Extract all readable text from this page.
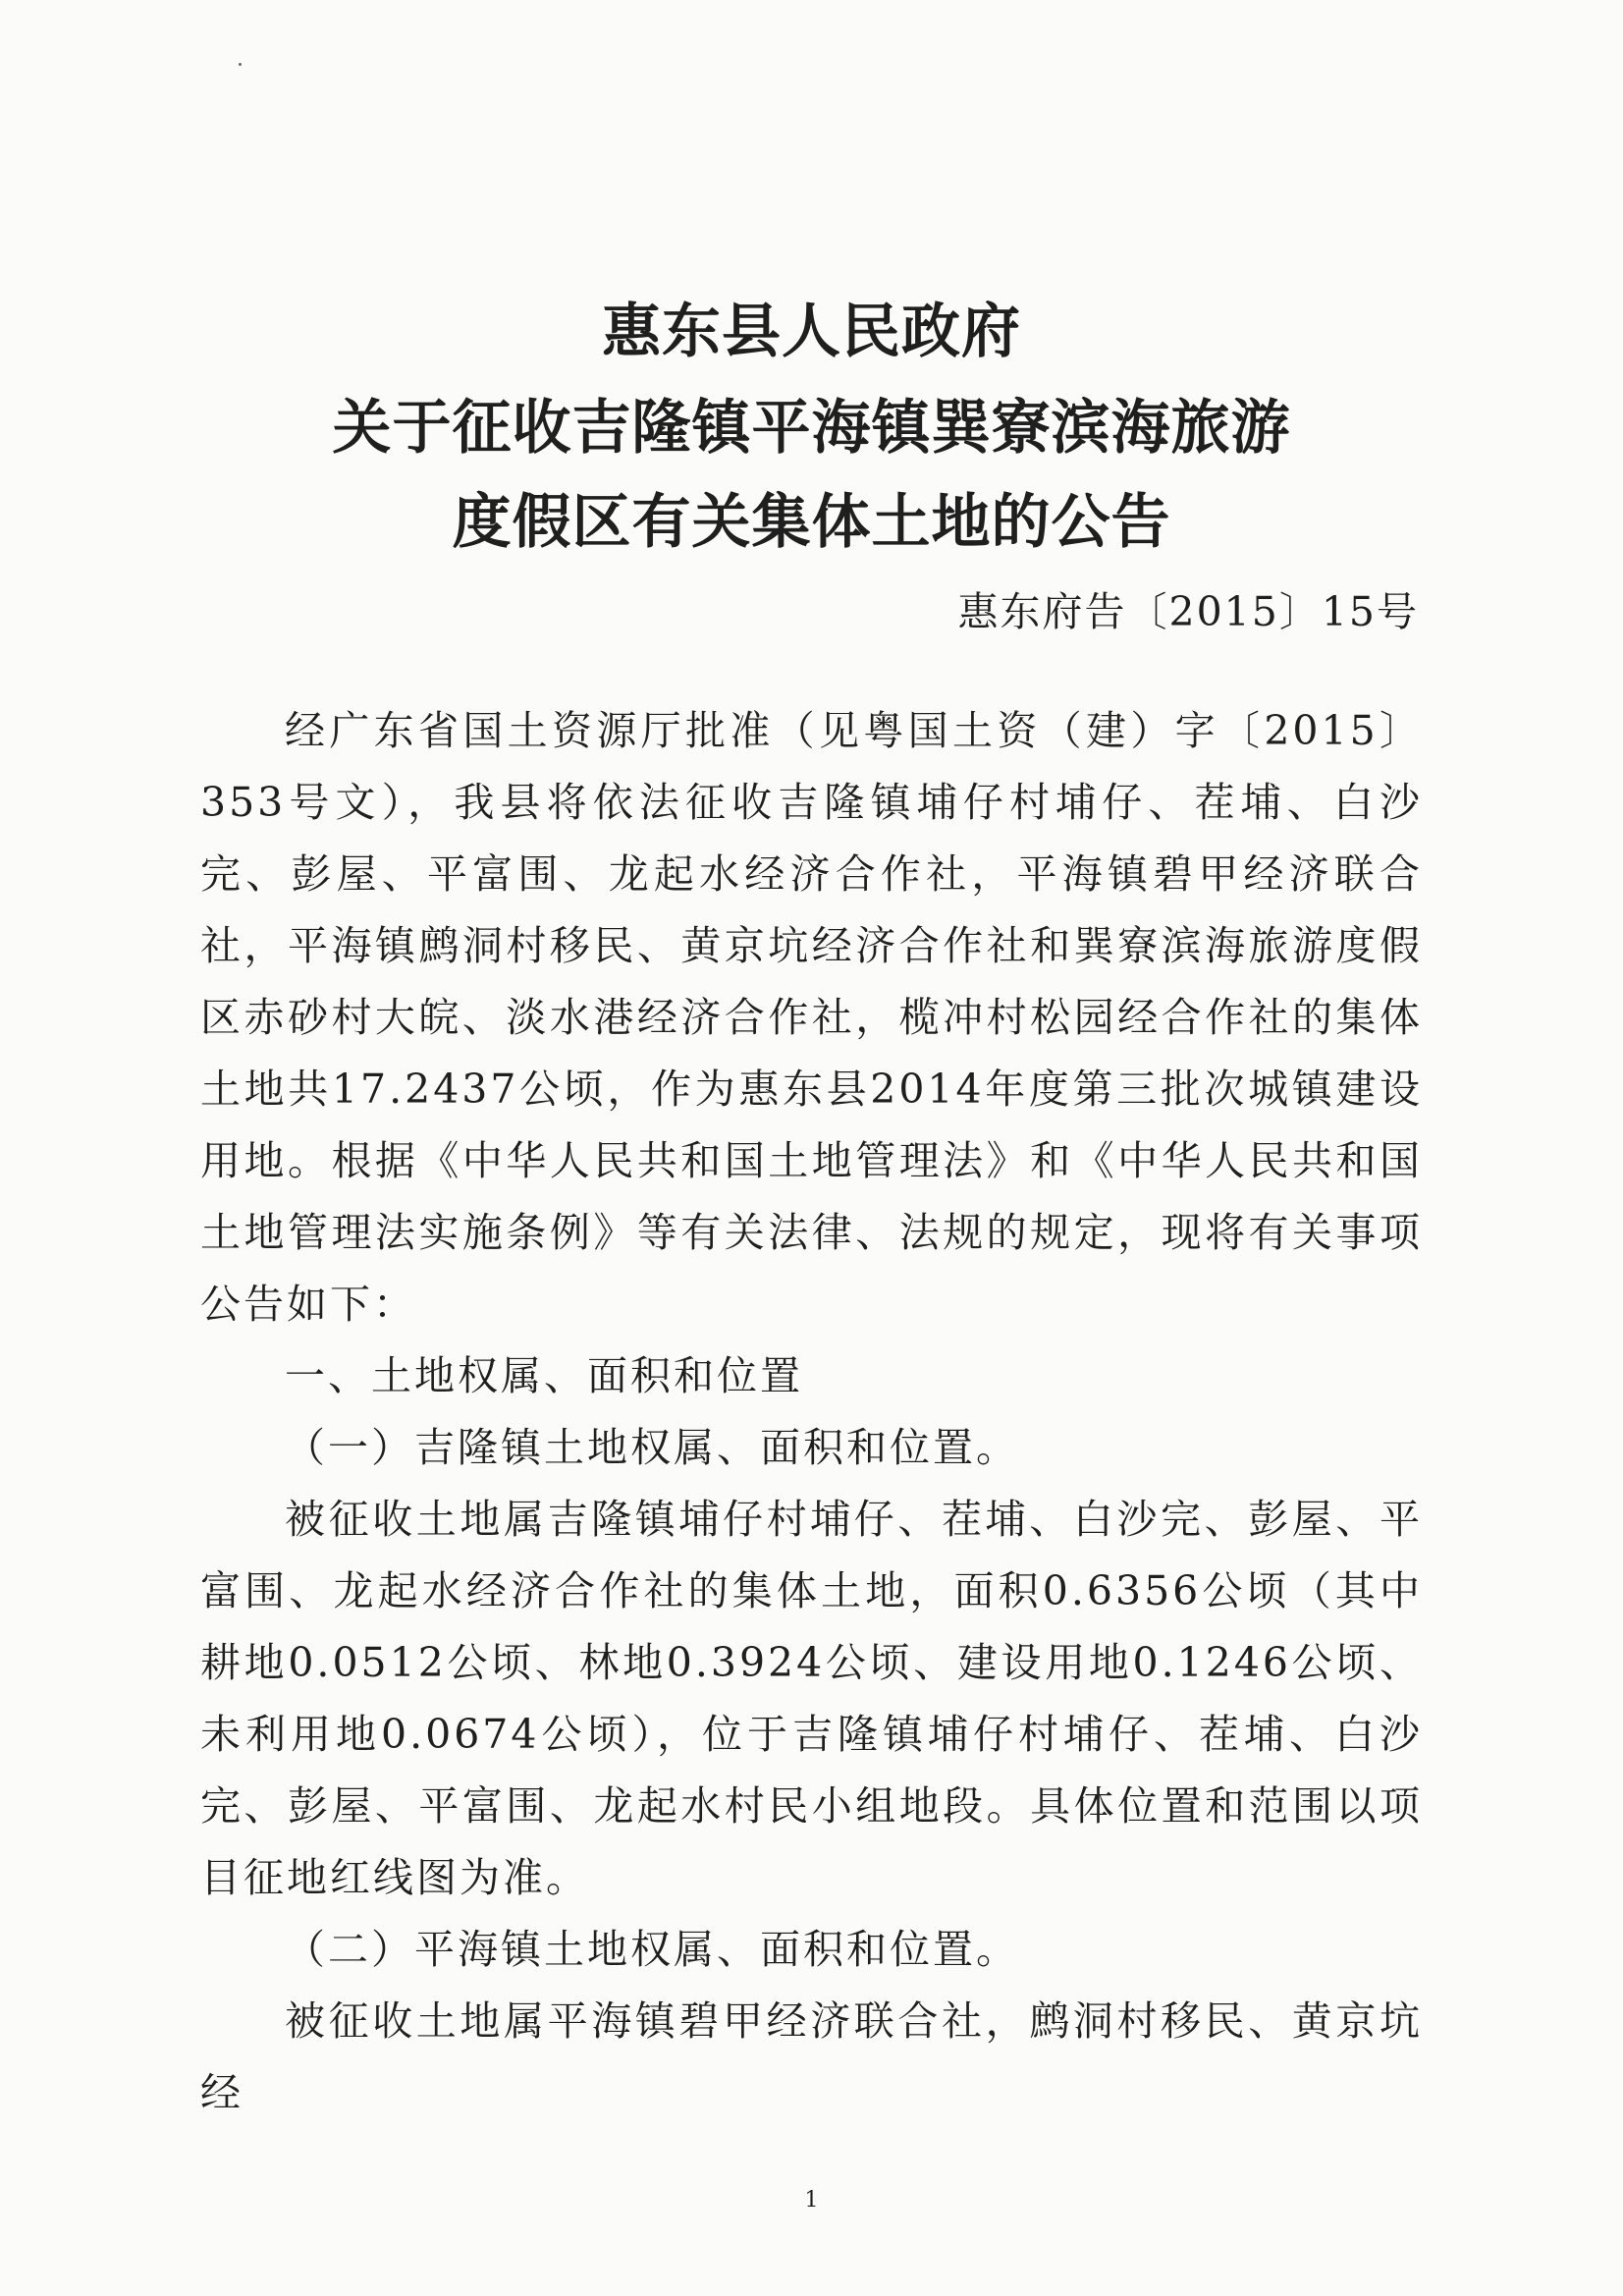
惠东县人民政府
关于征收吉隆镇平海镇巽寮滨海旅游
度假区有关集体土地的公告
惠东府告〔2015〕15号

经广东省国土资源厅批准（见粤国土资（建）字〔2015〕353号文），我县将依法征收吉隆镇埔仔村埔仔、茬埔、白沙完、彭屋、平富围、龙起水经济合作社，平海镇碧甲经济联合社，平海镇鹧洞村移民、黄京坑经济合作社和巽寮滨海旅游度假区赤砂村大皖、淡水港经济合作社，榄冲村松园经合作社的集体土地共17.2437公顷，作为惠东县2014年度第三批次城镇建设用地。根据《中华人民共和国土地管理法》和《中华人民共和国土地管理法实施条例》等有关法律、法规的规定，现将有关事项公告如下：

一、土地权属、面积和位置

（一）吉隆镇土地权属、面积和位置。

被征收土地属吉隆镇埔仔村埔仔、茬埔、白沙完、彭屋、平富围、龙起水经济合作社的集体土地，面积0.6356公顷（其中耕地0.0512公顷、林地0.3924公顷、建设用地0.1246公顷、未利用地0.0674公顷），位于吉隆镇埔仔村埔仔、茬埔、白沙完、彭屋、平富围、龙起水村民小组地段。具体位置和范围以项目征地红线图为准。

（二）平海镇土地权属、面积和位置。

被征收土地属平海镇碧甲经济联合社，鹧洞村移民、黄京坑经

1
